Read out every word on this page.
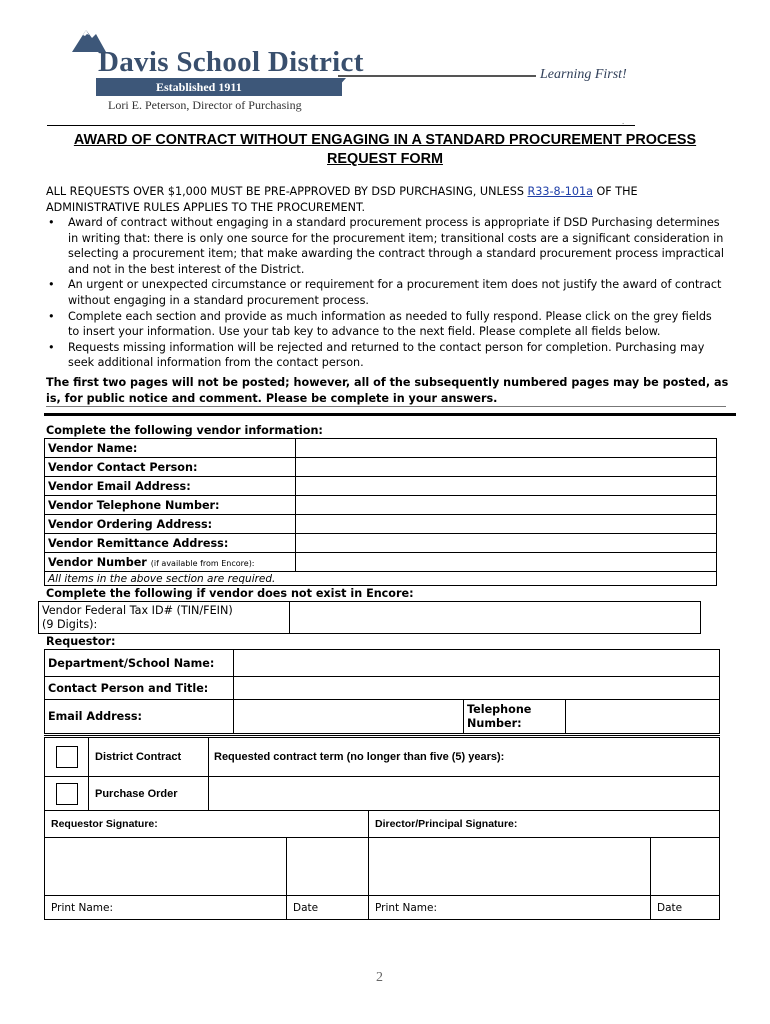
Davis School District
Established 1911
Learning First!
Lori E. Peterson, Director of Purchasing
.
AWARD OF CONTRACT WITHOUT ENGAGING IN A STANDARD PROCUREMENT PROCESS
REQUEST FORM
ALL REQUESTS OVER $1,000 MUST BE PRE-APPROVED BY DSD PURCHASING, UNLESS R33-8-101a OF THE ADMINISTRATIVE RULES APPLIES TO THE PROCUREMENT.
• Award of contract without engaging in a standard procurement process is appropriate if DSD Purchasing determines in writing that: there is only one source for the procurement item; transitional costs are a significant consideration in selecting a procurement item; that make awarding the contract through a standard procurement process impractical and not in the best interest of the District.
• An urgent or unexpected circumstance or requirement for a procurement item does not justify the award of contract without engaging in a standard procurement process.
• Complete each section and provide as much information as needed to fully respond. Please click on the grey fields to insert your information. Use your tab key to advance to the next field. Please complete all fields below.
• Requests missing information will be rejected and returned to the contact person for completion. Purchasing may seek additional information from the contact person.
The first two pages will not be posted; however, all of the subsequently numbered pages may be posted, as is, for public notice and comment. Please be complete in your answers.
Complete the following vendor information:
Vendor Name:	
Vendor Contact Person:	
Vendor Email Address:	
Vendor Telephone Number:	
Vendor Ordering Address:	
Vendor Remittance Address:	
Vendor Number (if available from Encore):	
All items in the above section are required.	
Complete the following if vendor does not exist in Encore:
Vendor Federal Tax ID# (TIN/FEIN)
(9 Digits):

Requestor:
Department/School Name:			
Contact Person and Title:			
Email Address:		Telephone
Number:	

	District Contract	Requested contract term (no longer than five (5) years):

	Purchase Order	
Requestor Signature:		Director/Principal Signature:	

Print Name:	Date	Print Name:	Date
2
